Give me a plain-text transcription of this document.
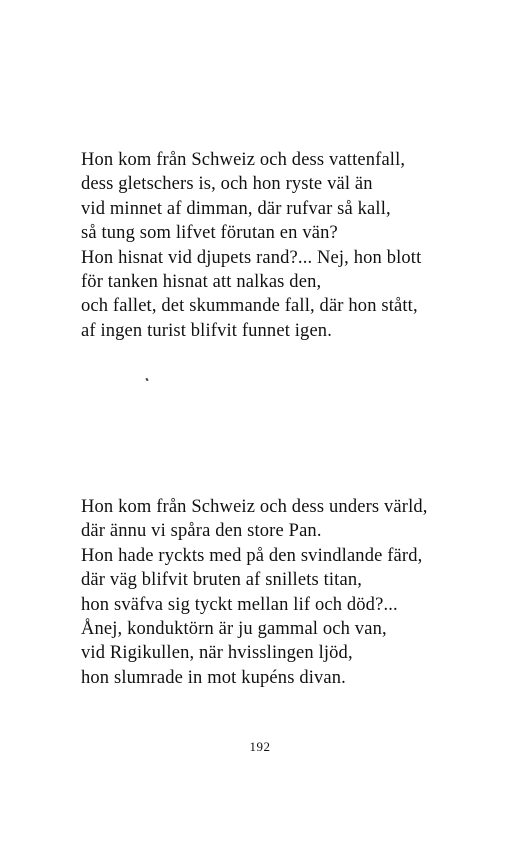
Hon kom från Schweiz och dess vattenfall,
dess gletschers is, och hon ryste väl än
vid minnet af dimman, där rufvar så kall,
så tung som lifvet förutan en vän?
Hon hisnat vid djupets rand?... Nej, hon blott
för tanken hisnat att nalkas den,
och fallet, det skummande fall, där hon stått,
af ingen turist blifvit funnet igen.
Hon kom från Schweiz och dess unders värld,
där ännu vi spåra den store Pan.
Hon hade ryckts med på den svindlande färd,
där väg blifvit bruten af snillets titan,
hon sväfva sig tyckt mellan lif och död?...
Ånej, konduktörn är ju gammal och van,
vid Rigikullen, när hvisslingen ljöd,
hon slumrade in mot kupéns divan.
192
